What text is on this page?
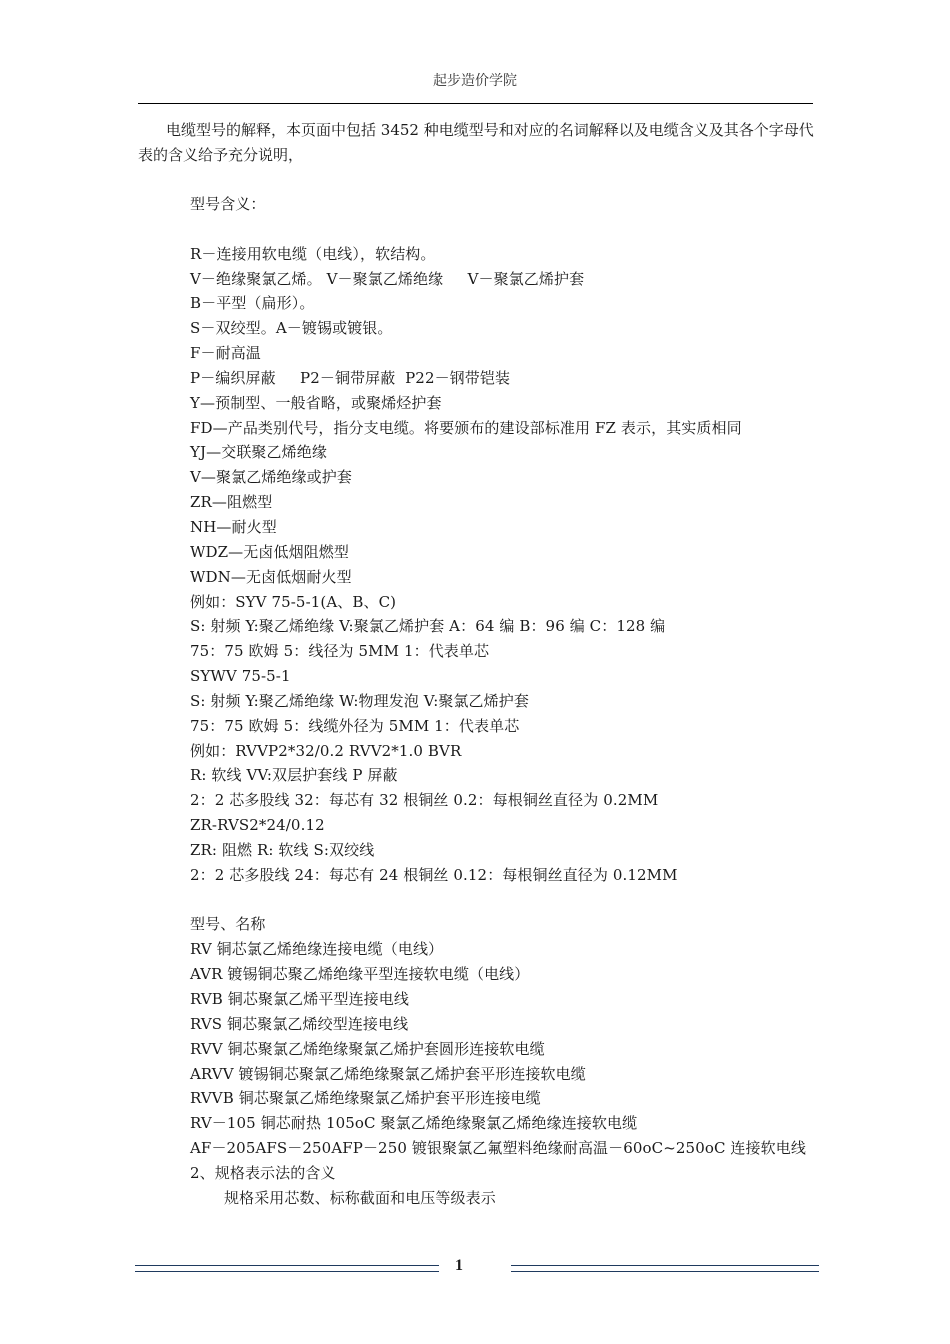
起步造价学院
电缆型号的解释，本页面中包括 3452 种电缆型号和对应的名词解释以及电缆含义及其各个字母代表的含义给予充分说明，
型号含义：
R－连接用软电缆（电线），软结构。
V－绝缘聚氯乙烯。 V－聚氯乙烯绝缘     V－聚氯乙烯护套
B－平型（扁形）。
S－双绞型。A－镀锡或镀银。
F－耐高温
P－编织屏蔽     P2－铜带屏蔽  P22－钢带铠装
Y—预制型、一般省略，或聚烯烃护套
FD—产品类别代号，指分支电缆。将要颁布的建设部标准用 FZ 表示，其实质相同
YJ—交联聚乙烯绝缘
V—聚氯乙烯绝缘或护套
ZR—阻燃型
NH—耐火型
WDZ—无卤低烟阻燃型
WDN—无卤低烟耐火型
例如：SYV 75-5-1(A、B、C)
S: 射频 Y:聚乙烯绝缘 V:聚氯乙烯护套 A：64 编 B：96 编 C：128 编
75：75 欧姆 5：线径为 5MM 1：代表单芯
SYWV 75-5-1
S: 射频 Y:聚乙烯绝缘 W:物理发泡 V:聚氯乙烯护套
75：75 欧姆 5：线缆外径为 5MM 1：代表单芯
例如：RVVP2*32/0.2 RVV2*1.0 BVR
R: 软线 VV:双层护套线 P 屏蔽
2：2 芯多股线 32：每芯有 32 根铜丝 0.2：每根铜丝直径为 0.2MM
ZR-RVS2*24/0.12
ZR: 阻燃 R: 软线 S:双绞线
2：2 芯多股线 24：每芯有 24 根铜丝 0.12：每根铜丝直径为 0.12MM
型号、名称
RV 铜芯氯乙烯绝缘连接电缆（电线）
AVR 镀锡铜芯聚乙烯绝缘平型连接软电缆（电线）
RVB 铜芯聚氯乙烯平型连接电线
RVS 铜芯聚氯乙烯绞型连接电线
RVV 铜芯聚氯乙烯绝缘聚氯乙烯护套圆形连接软电缆
ARVV 镀锡铜芯聚氯乙烯绝缘聚氯乙烯护套平形连接软电缆
RVVB 铜芯聚氯乙烯绝缘聚氯乙烯护套平形连接电缆
RV－105 铜芯耐热 105oC 聚氯乙烯绝缘聚氯乙烯绝缘连接软电缆
AF－205AFS－250AFP－250 镀银聚氯乙氟塑料绝缘耐高温－60oC~250oC 连接软电线
2、规格表示法的含义
规格采用芯数、标称截面和电压等级表示
1
